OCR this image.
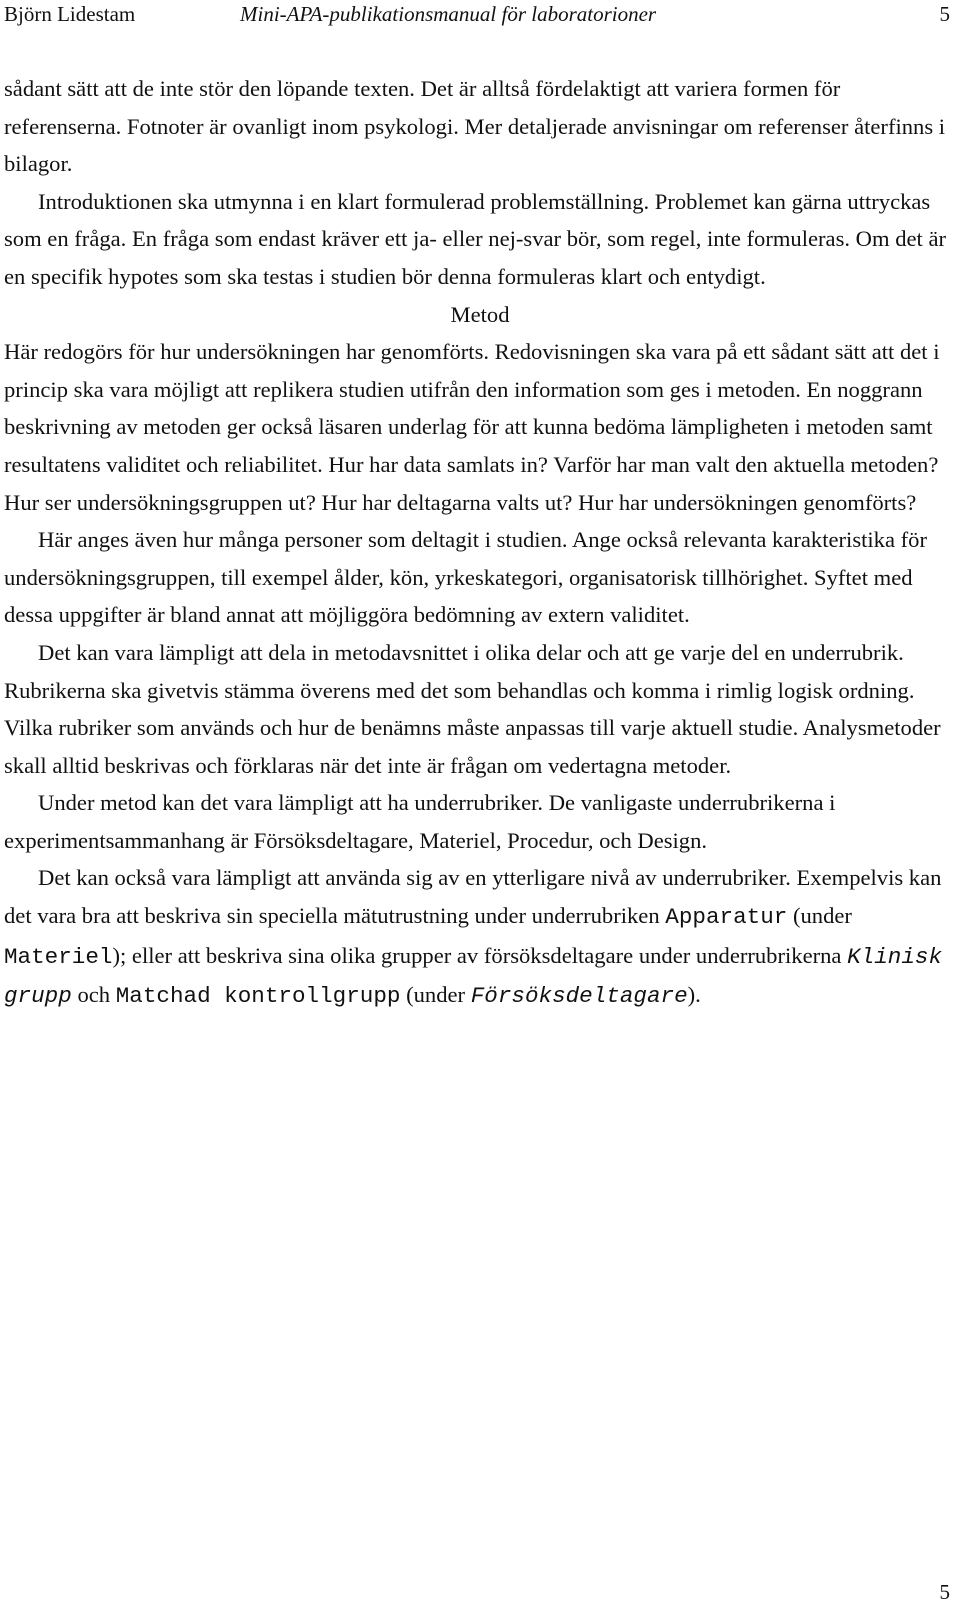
Björn Lidestam	Mini-APA-publikationsmanual för laboratorioner	5

sådant sätt att de inte stör den löpande texten. Det är alltså fördelaktigt att variera formen för referenserna. Fotnoter är ovanligt inom psykologi. Mer detaljerade anvisningar om referenser återfinns i bilagor.

Introduktionen ska utmynna i en klart formulerad problemställning. Problemet kan gärna uttryckas som en fråga. En fråga som endast kräver ett ja- eller nej-svar bör, som regel, inte formuleras. Om det är en specifik hypotes som ska testas i studien bör denna formuleras klart och entydigt.

Metod

Här redogörs för hur undersökningen har genomförts. Redovisningen ska vara på ett sådant sätt att det i princip ska vara möjligt att replikera studien utifrån den information som ges i metoden. En noggrann beskrivning av metoden ger också läsaren underlag för att kunna bedöma lämpligheten i metoden samt resultatens validitet och reliabilitet. Hur har data samlats in? Varför har man valt den aktuella metoden? Hur ser undersökningsgruppen ut? Hur har deltagarna valts ut? Hur har undersökningen genomförts?

Här anges även hur många personer som deltagit i studien. Ange också relevanta karakteristika för undersökningsgruppen, till exempel ålder, kön, yrkeskategori, organisatorisk tillhörighet. Syftet med dessa uppgifter är bland annat att möjliggöra bedömning av extern validitet.

Det kan vara lämpligt att dela in metodavsnittet i olika delar och att ge varje del en underrubrik. Rubrikerna ska givetvis stämma överens med det som behandlas och komma i rimlig logisk ordning. Vilka rubriker som används och hur de benämns måste anpassas till varje aktuell studie. Analysmetoder skall alltid beskrivas och förklaras när det inte är frågan om vedertagna metoder.

Under metod kan det vara lämpligt att ha underrubriker. De vanligaste underrubrikerna i experimentsammanhang är Försöksdeltagare, Materiel, Procedur, och Design.

Det kan också vara lämpligt att använda sig av en ytterligare nivå av underrubriker. Exempelvis kan det vara bra att beskriva sin speciella mätutrustning under underrubriken Apparatur (under Materiel); eller att beskriva sina olika grupper av försöksdeltagare under underrubrikerna Klinisk grupp och Matchad kontrollgrupp (under Försöksdeltagare).

5
